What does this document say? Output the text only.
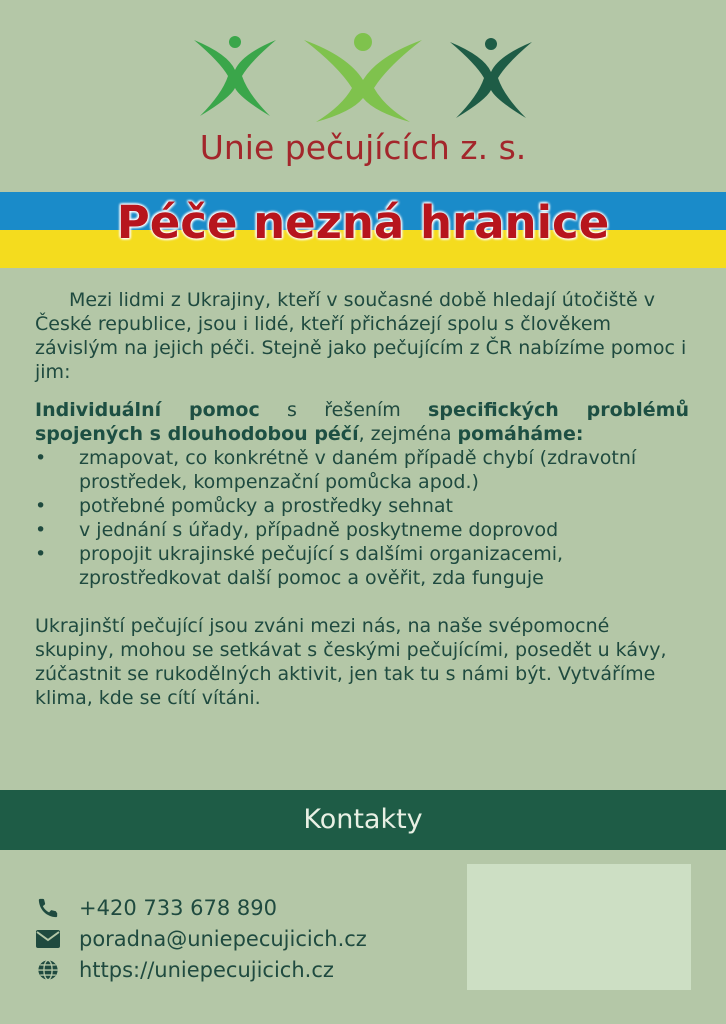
Unie pečujících z. s.
Péče nezná hranice

Mezi lidmi z Ukrajiny, kteří v současné době hledají útočiště v České republice, jsou i lidé, kteří přicházejí spolu s člověkem závislým na jejich péči. Stejně jako pečujícím z ČR nabízíme pomoc i jim:

Individuální pomoc s řešením specifických problémů spojených s dlouhodobou péčí, zejména pomáháme:

• zmapovat, co konkrétně v daném případě chybí (zdravotní prostředek, kompenzační pomůcka apod.)
• potřebné pomůcky a prostředky sehnat
• v jednání s úřady, případně poskytneme doprovod
• propojit ukrajinské pečující s dalšími organizacemi, zprostředkovat další pomoc a ověřit, zda funguje

Ukrajinští pečující jsou zváni mezi nás, na naše svépomocné skupiny, mohou se setkávat s českými pečujícími, posedět u kávy, zúčastnit se rukodělných aktivit, jen tak tu s námi být. Vytváříme klima, kde se cítí vítáni.

Kontakty
+420 733 678 890
poradna@uniepecujicich.cz
https://uniepecujicich.cz
